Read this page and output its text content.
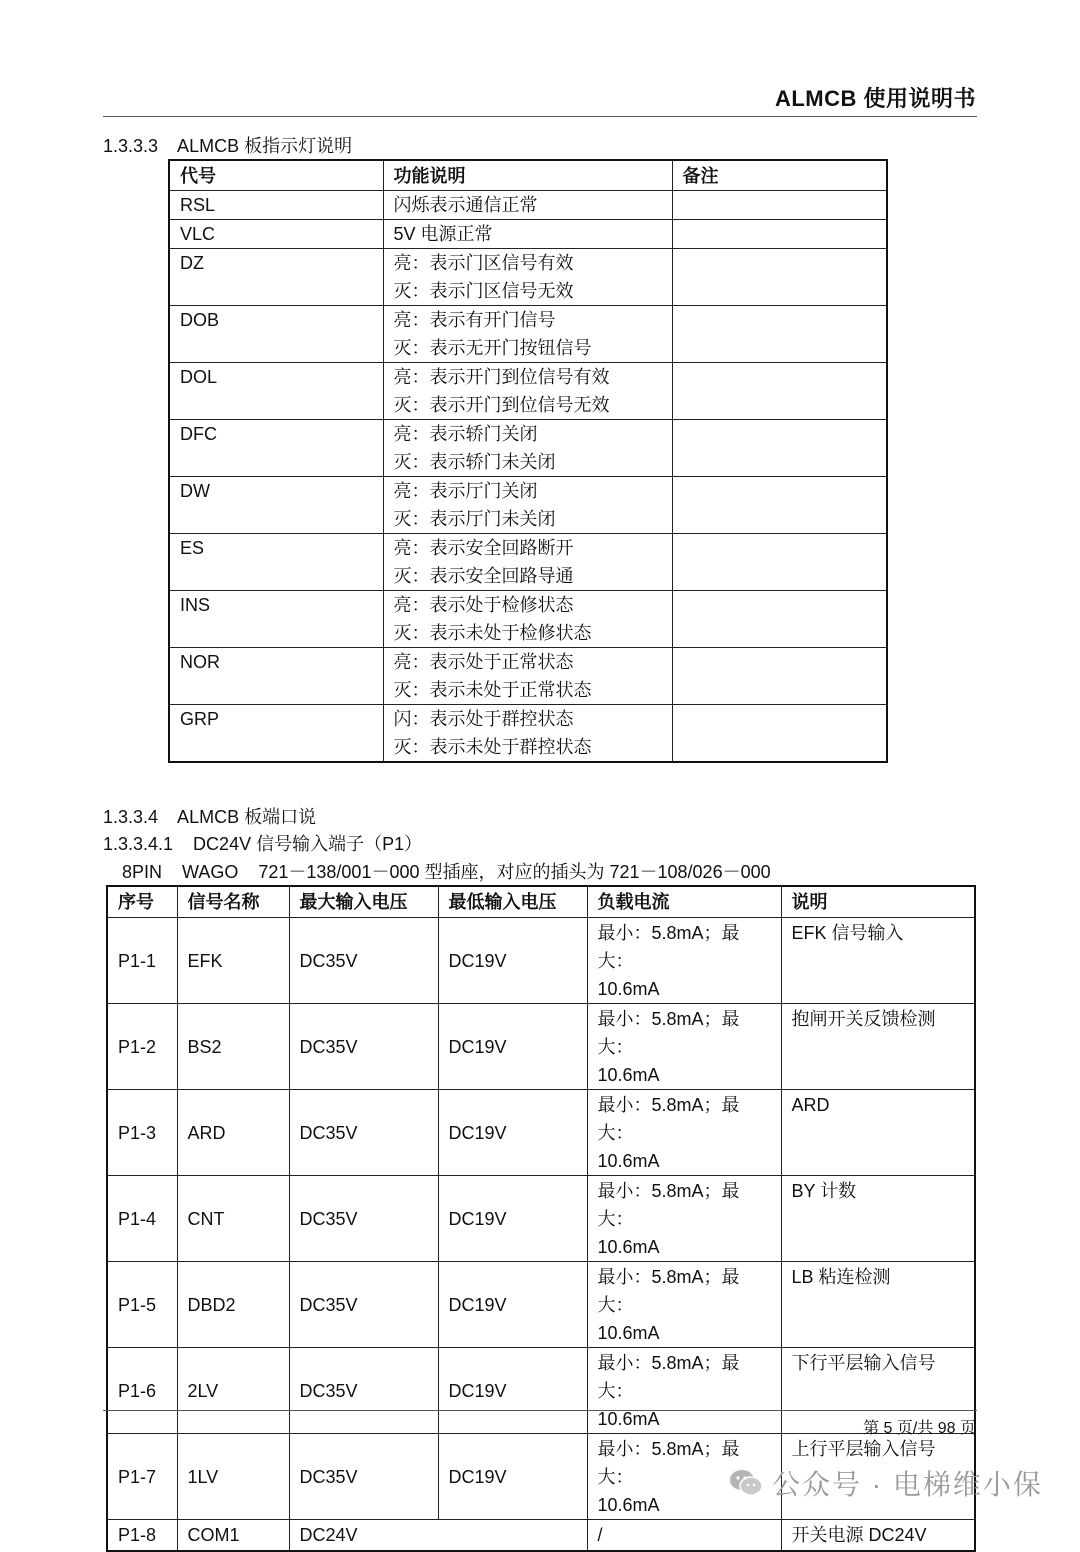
ALMCB 使用说明书
1.3.3.3    ALMCB 板指示灯说明
代号	功能说明	备注
RSL	闪烁表示通信正常	

VLC	5V 电源正常	

DZ	亮：表示门区信号有效
灭：表示门区信号无效	

DOB	亮：表示有开门信号
灭：表示无开门按钮信号	

DOL	亮：表示开门到位信号有效
灭：表示开门到位信号无效	

DFC	亮：表示轿门关闭
灭：表示轿门未关闭	

DW	亮：表示厅门关闭
灭：表示厅门未关闭	

ES	亮：表示安全回路断开
灭：表示安全回路导通	

INS	亮：表示处于检修状态
灭：表示未处于检修状态	

NOR	亮：表示处于正常状态
灭：表示未处于正常状态	

GRP	闪：表示处于群控状态
灭：表示未处于群控状态	

1.3.3.4    ALMCB 板端口说
1.3.3.4.1    DC24V 信号输入端子（P1）
8PIN    WAGO    721－138/001－000 型插座，对应的插头为 721－108/026－000
序号	信号名称	最大输入电压	最低输入电压	负载电流	说明
P1-1	EFK	DC35V	DC19V	最小：5.8mA；最大：
10.6mA	EFK 信号输入
P1-2	BS2	DC35V	DC19V	最小：5.8mA；最大：
10.6mA	抱闸开关反馈检测
P1-3	ARD	DC35V	DC19V	最小：5.8mA；最大：
10.6mA	ARD
P1-4	CNT	DC35V	DC19V	最小：5.8mA；最大：
10.6mA	BY 计数
P1-5	DBD2	DC35V	DC19V	最小：5.8mA；最大：
10.6mA	LB 粘连检测
P1-6	2LV	DC35V	DC19V	最小：5.8mA；最大：
10.6mA	下行平层输入信号
P1-7	1LV	DC35V	DC19V	最小：5.8mA；最大：
10.6mA	上行平层输入信号
P1-8	COM1	DC24V		/	开关电源 DC24V
第 5 页/共 98 页
公众号 · 电梯维小保
